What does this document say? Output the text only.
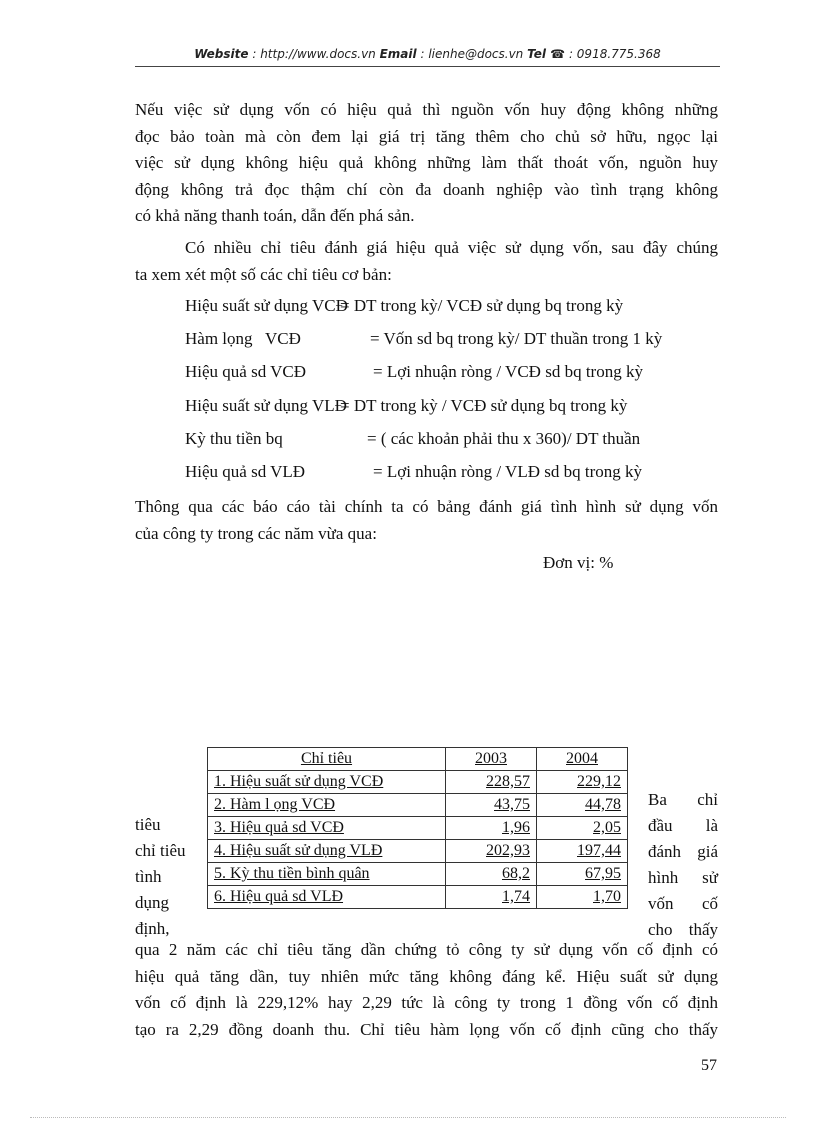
Website : http://www.docs.vn Email : lienhe@docs.vn Tel ☎ : 0918.775.368
Nếu việc sử dụng vốn có hiệu quả thì nguồn vốn huy động không những
đọc bảo toàn mà còn đem lại giá trị tăng thêm cho chủ sở hữu, ngọc lại
việc sử dụng không hiệu quả không những làm thất thoát vốn, nguồn huy
động không trả đọc thậm chí còn đa doanh nghiệp vào tình trạng không
có khả năng thanh toán, dẫn đến phá sản.
Có nhiều chỉ tiêu đánh giá hiệu quả việc sử dụng vốn, sau đây chúng
ta xem xét một số các chỉ tiêu cơ bản:
Hiệu suất sử dụng VCĐ= DT trong kỳ/ VCĐ sử dụng bq trong kỳ
Hàm lọng   VCĐ	= Vốn sd bq trong kỳ/ DT thuần trong 1 kỳ
Hiệu quả sd VCĐ	= Lợi nhuận ròng / VCĐ sd bq trong kỳ
Hiệu suất sử dụng VLĐ= DT trong kỳ / VCĐ sử dụng bq trong kỳ
Kỳ thu tiền bq	= ( các khoản phải thu x 360)/ DT thuần
Hiệu quả sd VLĐ	= Lợi nhuận ròng / VLĐ sd bq trong kỳ
Thông qua các báo cáo tài chính ta có bảng đánh giá tình hình sử dụng vốn
của công ty trong các năm vừa qua:
Đơn vị: %
Chỉ tiêu	2003	2004
1. Hiệu suất sử dụng VCĐ	228,57	229,12
2. Hàm l ọng VCĐ	43,75	44,78
3. Hiệu quả sd VCĐ	1,96	2,05
4. Hiệu suất sử dụng VLĐ	202,93	197,44
5. Kỳ thu tiền bình quân	68,2	67,95
6. Hiệu quả sd VLĐ	1,74	1,70
tiêu
chỉ tiêu
tình
dụng
định,
Ba chỉ
đầu là
đánh giá
hình sử
vốn cố
cho thấy
qua 2 năm các chỉ tiêu tăng dần chứng tỏ công ty sử dụng vốn cố định có
hiệu quả tăng dần, tuy nhiên mức tăng không đáng kể. Hiệu suất sử dụng
vốn cố định là 229,12% hay 2,29 tức là công ty trong 1 đồng vốn cố định
tạo ra 2,29 đồng doanh thu. Chỉ tiêu hàm lọng vốn cố định cũng cho thấy
57
